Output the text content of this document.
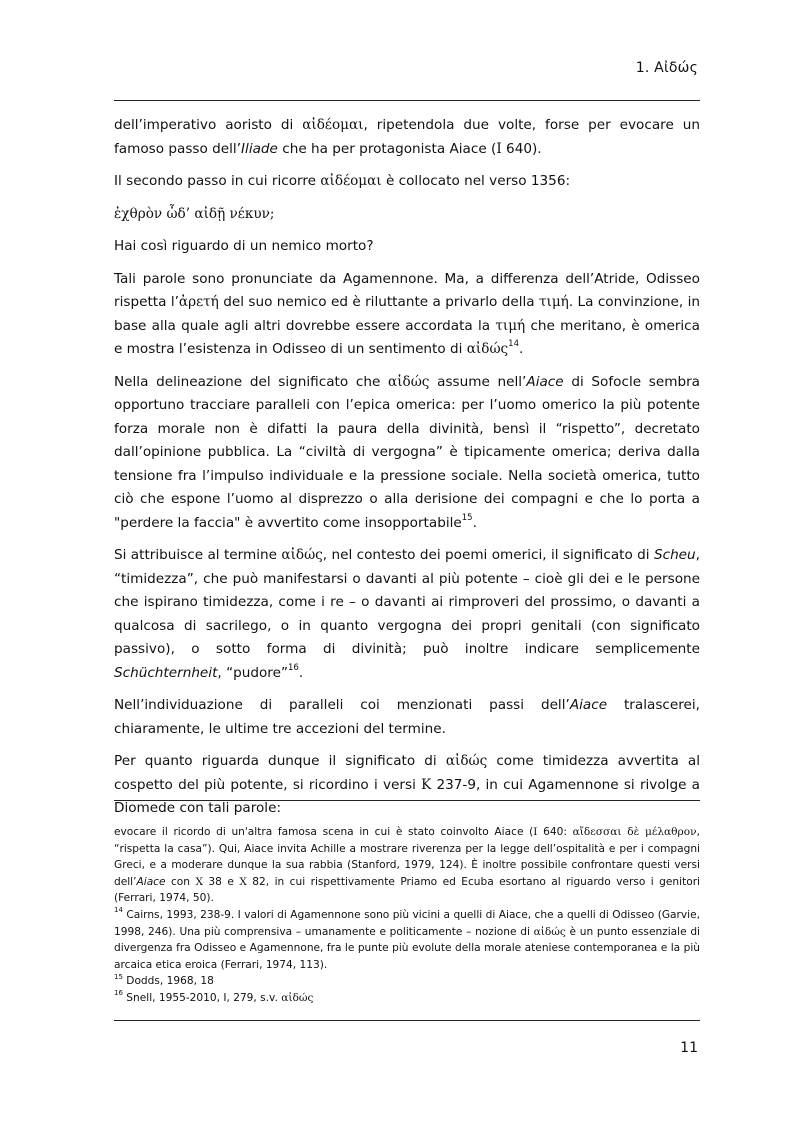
1. Αἰδώς

dell’imperativo aoristo di αἰδέομαι, ripetendola due volte, forse per evocare un famoso passo dell’Iliade che ha per protagonista Aiace (Ι 640).

Il secondo passo in cui ricorre αἰδέομαι è collocato nel verso 1356:

ἐχθρὸν ὧδ’ αἰδῇ νέκυν;

Hai così riguardo di un nemico morto?

Tali parole sono pronunciate da Agamennone. Ma, a differenza dell’Atride, Odisseo rispetta l’ἀρετή del suo nemico ed è riluttante a privarlo della τιμή. La convinzione, in base alla quale agli altri dovrebbe essere accordata la τιμή che meritano, è omerica e mostra l’esistenza in Odisseo di un sentimento di αἰδώς$^{14}$.

Nella delineazione del significato che αἰδώς assume nell’Aiace di Sofocle sembra opportuno tracciare paralleli con l’epica omerica: per l’uomo omerico la più potente forza morale non è difatti la paura della divinità, bensì il “rispetto”, decretato dall’opinione pubblica. La “civiltà di vergogna” è tipicamente omerica; deriva dalla tensione fra l’impulso individuale e la pressione sociale. Nella società omerica, tutto ciò che espone l’uomo al disprezzo o alla derisione dei compagni e che lo porta a "perdere la faccia" è avvertito come insopportabile$^{15}$.

Si attribuisce al termine αἰδώς, nel contesto dei poemi omerici, il significato di Scheu, “timidezza”, che può manifestarsi o davanti al più potente – cioè gli dei e le persone che ispirano timidezza, come i re – o davanti ai rimproveri del prossimo, o davanti a qualcosa di sacrilego, o in quanto vergogna dei propri genitali (con significato passivo), o sotto forma di divinità; può inoltre indicare semplicemente Schüchternheit, “pudore”$^{16}$.

Nell’individuazione di paralleli coi menzionati passi dell’Aiace tralascerei, chiaramente, le ultime tre accezioni del termine.

Per quanto riguarda dunque il significato di αἰδώς come timidezza avvertita al cospetto del più potente, si ricordino i versi Κ 237-9, in cui Agamennone si rivolge a Diomede con tali parole:

evocare il ricordo di un'altra famosa scena in cui è stato coinvolto Aiace (Ι 640: αἴδεσσαι δὲ μέλαθρον, “rispetta la casa”). Qui, Aiace invita Achille a mostrare riverenza per la legge dell’ospitalità e per i compagni Greci, e a moderare dunque la sua rabbia (Stanford, 1979, 124). È inoltre possibile confrontare questi versi dell’Aiace con Χ 38 e Χ 82, in cui rispettivamente Priamo ed Ecuba esortano al riguardo verso i genitori (Ferrari, 1974, 50).

$^{14}$ Cairns, 1993, 238-9. I valori di Agamennone sono più vicini a quelli di Aiace, che a quelli di Odisseo (Garvie, 1998, 246). Una più comprensiva – umanamente e politicamente – nozione di αἰδώς è un punto essenziale di divergenza fra Odisseo e Agamennone, fra le punte più evolute della morale ateniese contemporanea e la più arcaica etica eroica (Ferrari, 1974, 113).

$^{15}$ Dodds, 1968, 18

$^{16}$ Snell, 1955-2010, I, 279, s.v. αἰδώς

11
